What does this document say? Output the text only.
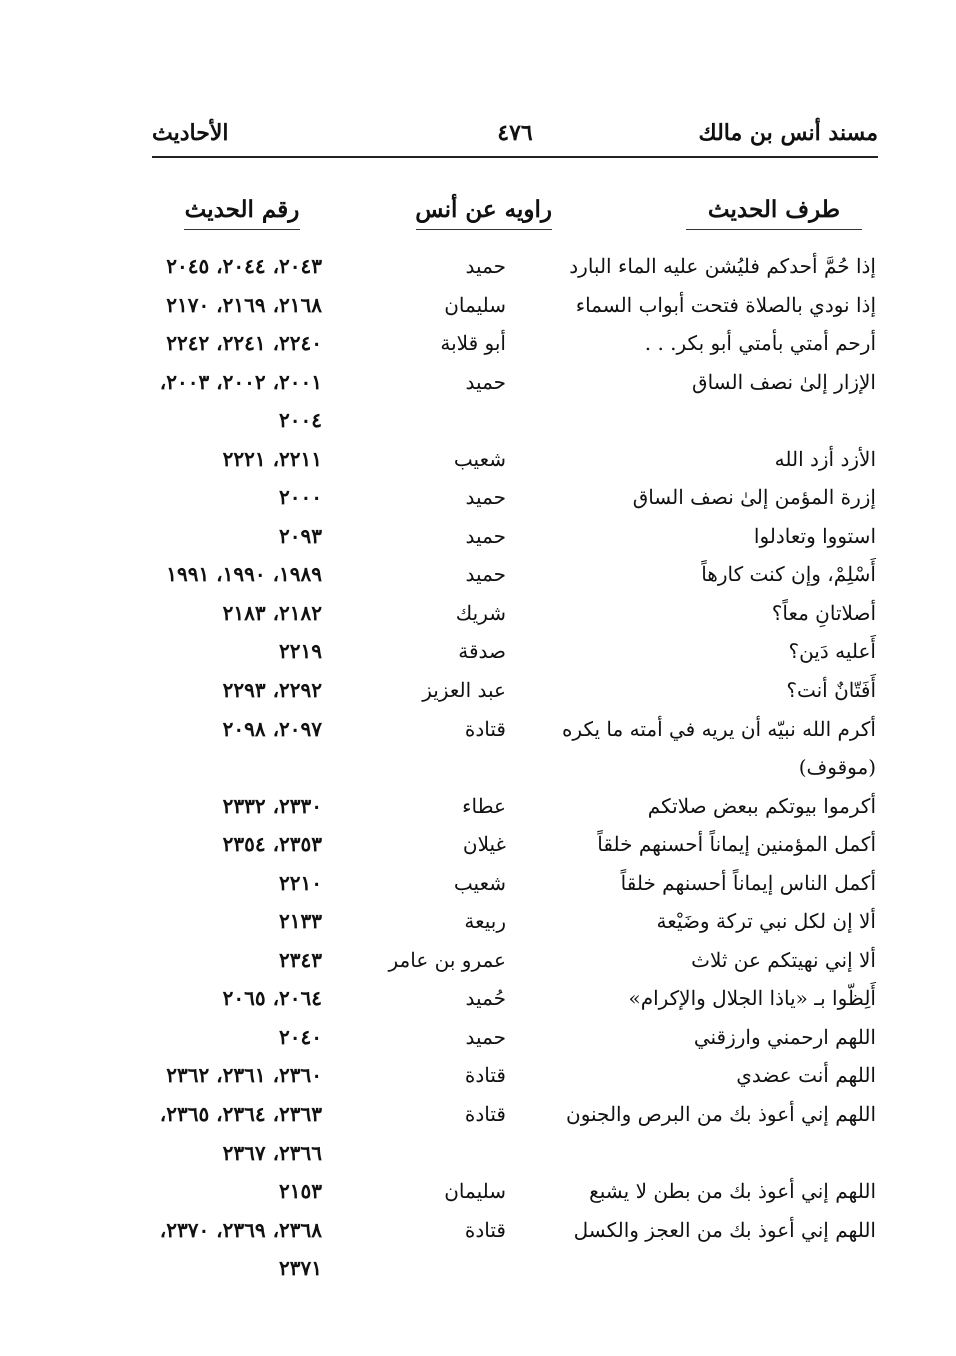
مسند أنس بن مالك
٤٧٦
الأحاديث
طرف الحديث
راويه عن أنس
رقم الحديث
إذا حُمَّ أحدكم فليُشن عليه الماء البارد
حميد
٢٠٤٣، ٢٠٤٤، ٢٠٤٥
إذا نودي بالصلاة فتحت أبواب السماء
سليمان
٢١٦٨، ٢١٦٩، ٢١٧٠
أرحم أمتي بأمتي أبو بكر. . .
أبو قلابة
٢٢٤٠، ٢٢٤١، ٢٢٤٢
الإزار إلىٰ نصف الساق
حميد
٢٠٠١، ٢٠٠٢، ٢٠٠٣،
٢٠٠٤
الأزد أزد الله
شعيب
٢٢١١، ٢٢٢١
إزرة المؤمن إلىٰ نصف الساق
حميد
٢٠٠٠
استووا وتعادلوا
حميد
٢٠٩٣
أَسْلِمْ، وإن كنت كارهاً
حميد
١٩٨٩، ١٩٩٠، ١٩٩١
أصلاتانِ معاً؟
شريك
٢١٨٢، ٢١٨٣
أَعليه دَين؟
صدقة
٢٢١٩
أَفَتّانٌ أنت؟
عبد العزيز
٢٢٩٢، ٢٢٩٣
أكرم الله نبيّه أن يريه في أمته ما يكره
قتادة
٢٠٩٧، ٢٠٩٨
(موقوف)
أكرموا بيوتكم ببعض صلاتكم
عطاء
٢٣٣٠، ٢٣٣٢
أكمل المؤمنين إيماناً أحسنهم خلقاً
غيلان
٢٣٥٣، ٢٣٥٤
أكمل الناس إيماناً أحسنهم خلقاً
شعيب
٢٢١٠
ألا إن لكل نبي تركة وضَيْعة
ربيعة
٢١٣٣
ألا إني نهيتكم عن ثلاث
عمرو بن عامر
٢٣٤٣
أَلِظّوا بـ «ياذا الجلال والإكرام»
حُميد
٢٠٦٤، ٢٠٦٥
اللهم ارحمني وارزقني
حميد
٢٠٤٠
اللهم أنت عضدي
قتادة
٢٣٦٠، ٢٣٦١، ٢٣٦٢
اللهم إني أعوذ بك من البرص والجنون
قتادة
٢٣٦٣، ٢٣٦٤، ٢٣٦٥،
٢٣٦٦، ٢٣٦٧
اللهم إني أعوذ بك من بطن لا يشبع
سليمان
٢١٥٣
اللهم إني أعوذ بك من العجز والكسل
قتادة
٢٣٦٨، ٢٣٦٩، ٢٣٧٠،
٢٣٧١
